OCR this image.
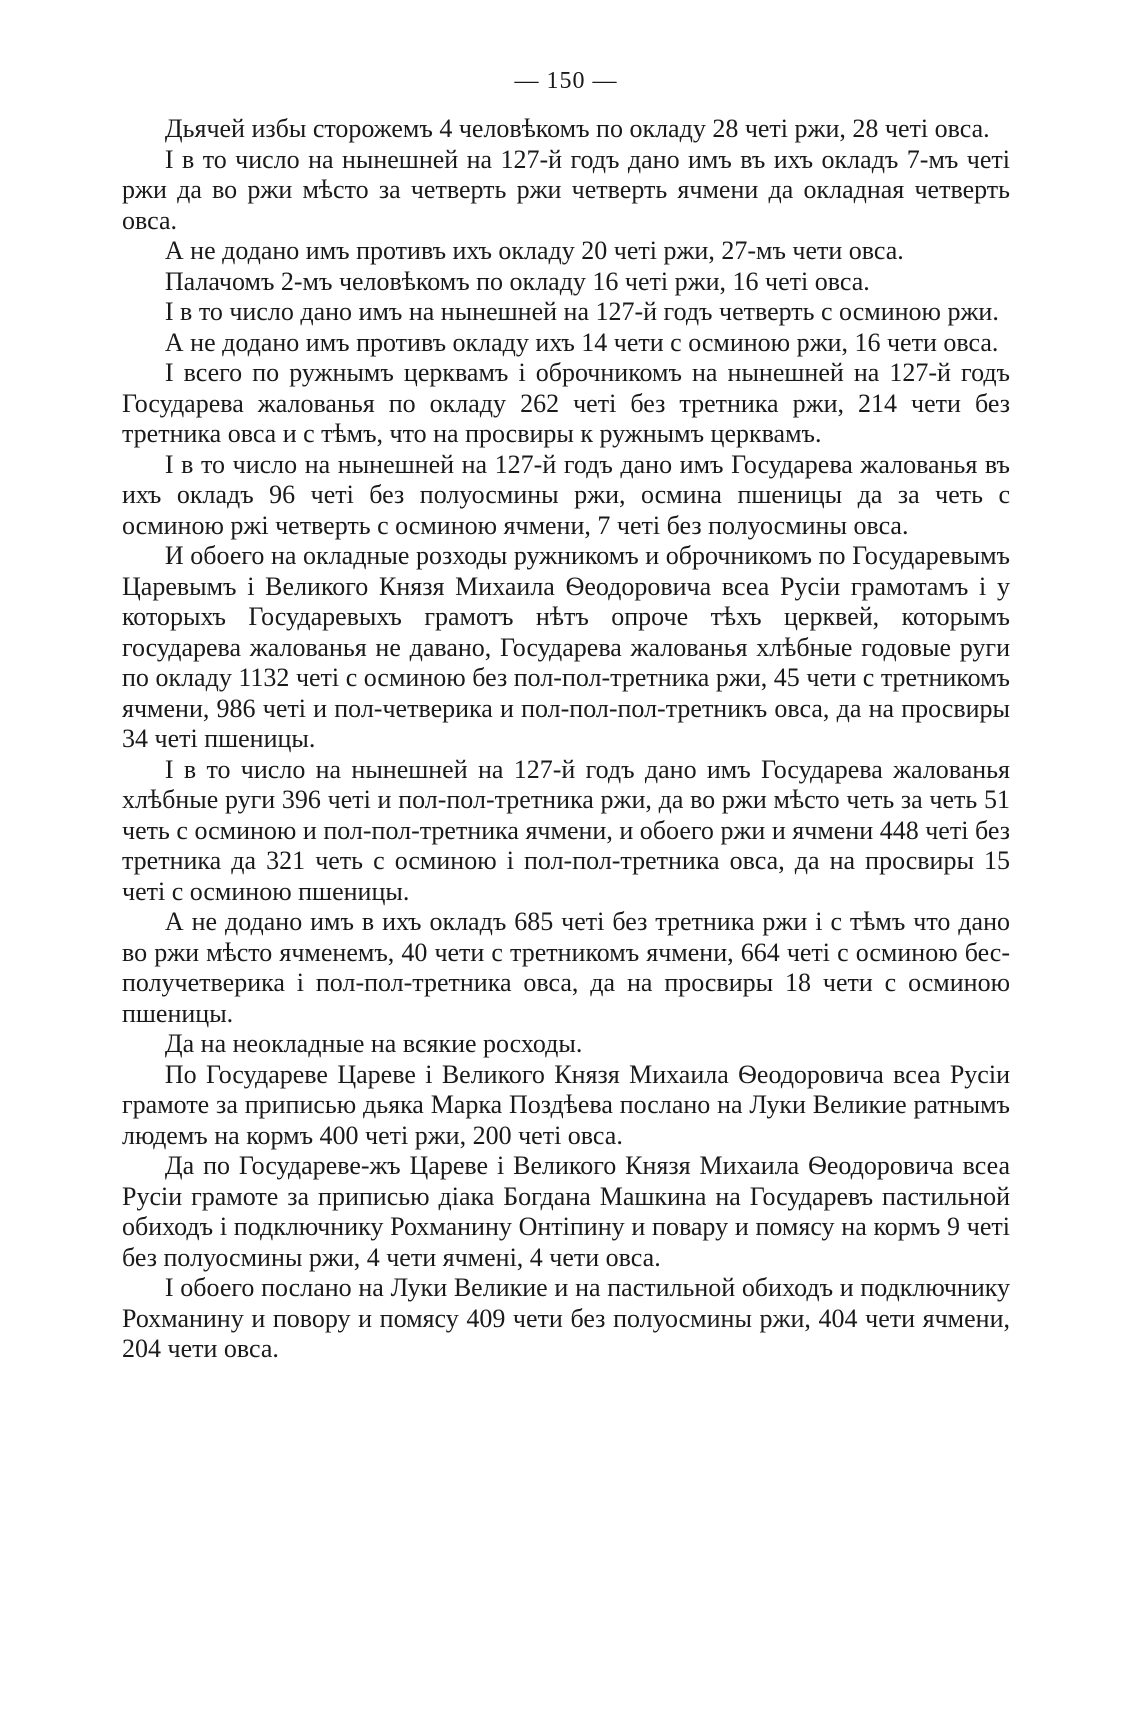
— 150 —

Дьячей избы сторожемъ 4 человѣкомъ по окладу 28 четі ржи, 28 четі овса.

І в то число на нынешней на 127-й годъ дано имъ въ ихъ окладъ 7-мъ четі ржи да во ржи мѣсто за четверть ржи четверть ячмени да окладная четверть овса.

А не додано имъ противъ ихъ окладу 20 четі ржи, 27-мъ чети овса.

Палачомъ 2-мъ человѣкомъ по окладу 16 четі ржи, 16 четі овса.

І в то число дано имъ на нынешней на 127-й годъ четверть с осминою ржи.

А не додано имъ противъ окладу ихъ 14 чети с осминою ржи, 16 чети овса.

І всего по ружнымъ церквамъ і оброчникомъ на нынешней на 127-й годъ Государева жалованья по окладу 262 четі без третника ржи, 214 чети без третника овса и с тѣмъ, что на просвиры к ружнымъ церквамъ.

І в то число на нынешней на 127-й годъ дано имъ Государева жалованья въ ихъ окладъ 96 четі без полуосмины ржи, осмина пшеницы да за четь с осминою ржі четверть с осминою ячмени, 7 четі без полуосмины овса.

И обоего на окладные розходы ружникомъ и оброчникомъ по Государевымъ Царевымъ і Великого Князя Михаила Ѳеодоровича всеа Русіи грамотамъ і у которыхъ Государевыхъ грамотъ нѣтъ опроче тѣхъ церквей, которымъ государева жалованья не давано, Государева жалованья хлѣбные годовые руги по окладу 1132 четі с осминою без пол-пол-третника ржи, 45 чети с третникомъ ячмени, 986 четі и пол-четверика и пол-пол-пол-третникъ овса, да на просвиры 34 четі пшеницы.

І в то число на нынешней на 127-й годъ дано имъ Государева жалованья хлѣбные руги 396 четі и пол-пол-третника ржи, да во ржи мѣсто четь за четь 51 четь с осминою и пол-пол-третника ячмени, и обоего ржи и ячмени 448 четі без третника да 321 четь с осминою і пол-пол-третника овса, да на просвиры 15 четі с осминою пшеницы.

А не додано имъ в ихъ окладъ 685 четі без третника ржи і с тѣмъ что дано во ржи мѣсто ячменемъ, 40 чети с третникомъ ячмени, 664 четі с осминою бес-получетверика і пол-пол-третника овса, да на просвиры 18 чети с осминою пшеницы.

Да на неокладные на всякие росходы.

По Государеве Цареве і Великого Князя Михаила Ѳеодоровича всеа Русіи грамоте за приписью дьяка Марка Поздѣева послано на Луки Великие ратнымъ людемъ на кормъ 400 четі ржи, 200 четі овса.

Да по Государеве-жъ Цареве і Великого Князя Михаила Ѳеодоровича всеа Русіи грамоте за приписью діака Богдана Машкина на Государевъ пастильной обиходъ і подключнику Рохманину Онтіпину и повару и помясу на кормъ 9 четі без полуосмины ржи, 4 чети ячмені, 4 чети овса.

І обоего послано на Луки Великие и на пастильной обиходъ и подключнику Рохманину и повору и помясу 409 чети без полуосмины ржи, 404 чети ячмени, 204 чети овса.
